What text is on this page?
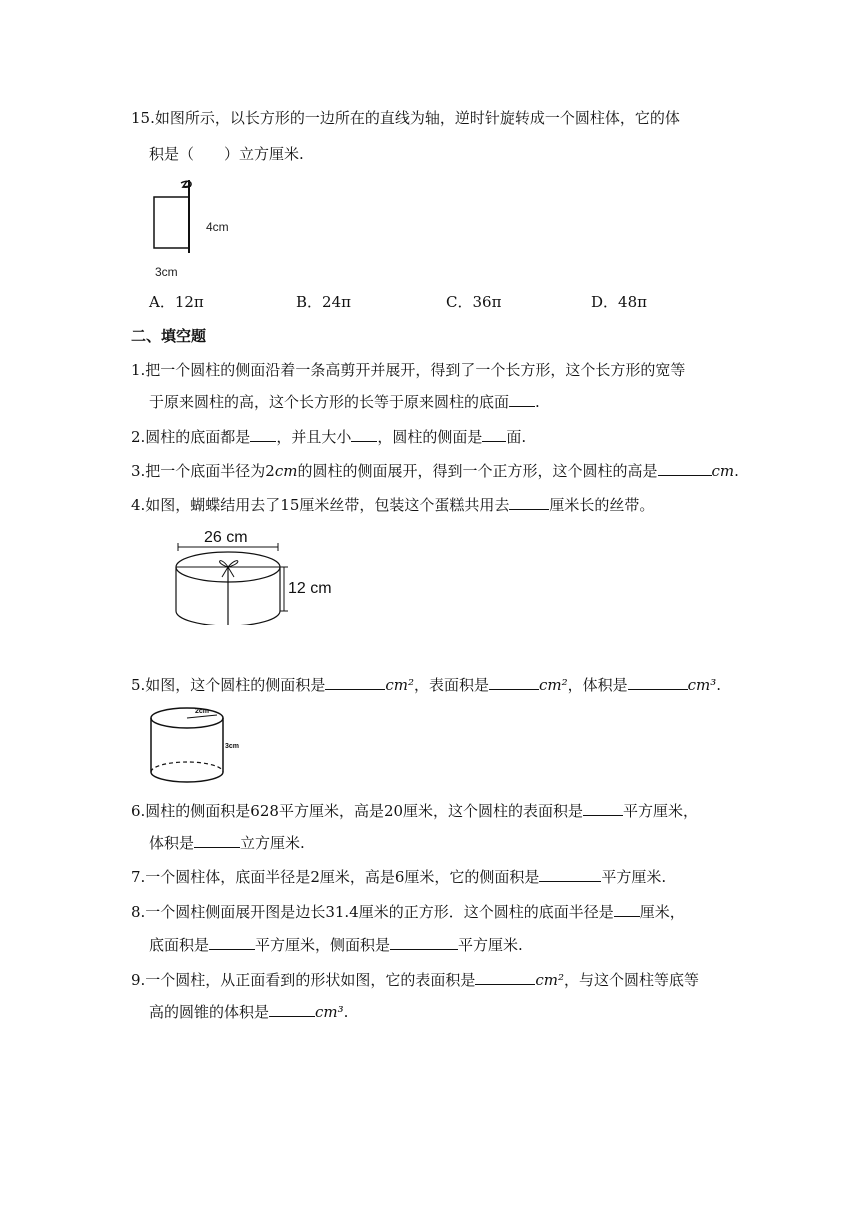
15.如图所示，以长方形的一边所在的直线为轴，逆时针旋转成一个圆柱体，它的体
积是（　　）立方厘米.
4cm
3cm
A．12π	B．24π	C．36π	D．48π
二、填空题
1.把一个圆柱的侧面沿着一条高剪开并展开，得到了一个长方形，这个长方形的宽等
于原来圆柱的高，这个长方形的长等于原来圆柱的底面 .
2.圆柱的底面都是 ，并且大小 ，圆柱的侧面是 面.
3.把一个底面半径为2cm的圆柱的侧面展开，得到一个正方形，这个圆柱的高是	cm.
4.如图，蝴蝶结用去了15厘米丝带，包装这个蛋糕共用去	厘米长的丝带。
26 cm
12 cm
5.如图，这个圆柱的侧面积是	cm²，表面积是	cm²，体积是	cm³.
2cm
3cm
6.圆柱的侧面积是628平方厘米，高是20厘米，这个圆柱的表面积是	平方厘米，
体积是	立方厘米.
7.一个圆柱体，底面半径是2厘米，高是6厘米，它的侧面积是	平方厘米.
8.一个圆柱侧面展开图是边长31.4厘米的正方形．这个圆柱的底面半径是 厘米，
底面积是	平方厘米，侧面积是	平方厘米.
9.一个圆柱，从正面看到的形状如图，它的表面积是	cm²，与这个圆柱等底等
高的圆锥的体积是	cm³.
